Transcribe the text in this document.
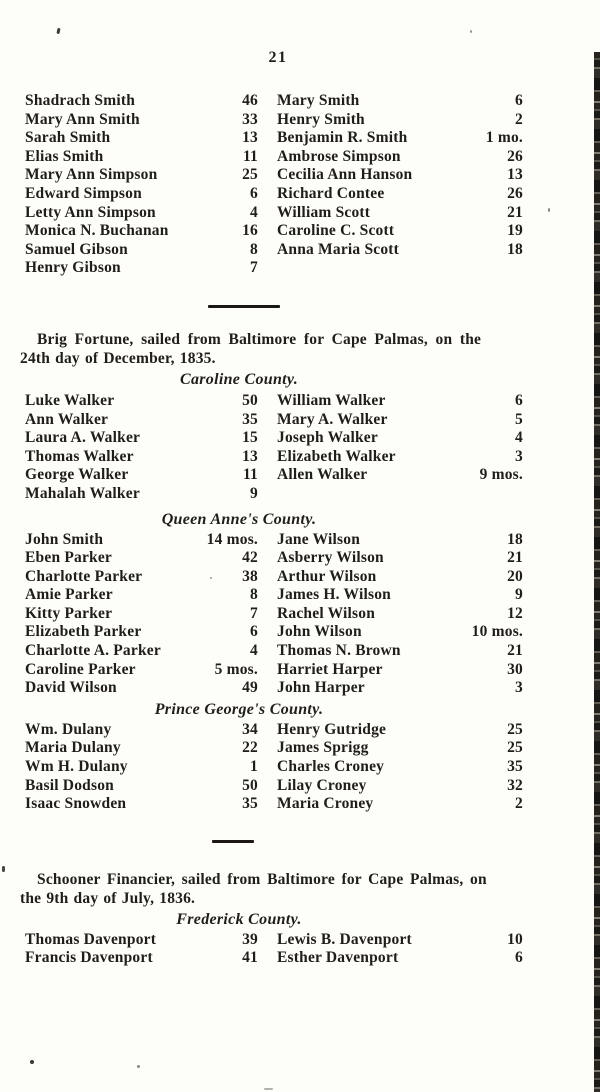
21
Shadrach Smith	46	Mary Smith	6
Mary Ann Smith	33	Henry Smith	2
Sarah Smith	13	Benjamin R. Smith	1 mo.
Elias Smith	11	Ambrose Simpson	26
Mary Ann Simpson	25	Cecilia Ann Hanson	13
Edward Simpson	6	Richard Contee	26
Letty Ann Simpson	4	William Scott	21
Monica N. Buchanan	16	Caroline C. Scott	19
Samuel Gibson	8	Anna Maria Scott	18
Henry Gibson	7

Brig Fortune, sailed from Baltimore for Cape Palmas, on the
24th day of December, 1835.

Caroline County.
Luke Walker	50	William Walker	6
Ann Walker	35	Mary A. Walker	5
Laura A. Walker	15	Joseph Walker	4
Thomas Walker	13	Elizabeth Walker	3
George Walker	11	Allen Walker	9 mos.
Mahalah Walker	9
Queen Anne's County.
John Smith	14 mos.	Jane Wilson	18
Eben Parker	42	Asberry Wilson	21
Charlotte Parker	38	Arthur Wilson	20
Amie Parker	8	James H. Wilson	9
Kitty Parker	7	Rachel Wilson	12
Elizabeth Parker	6	John Wilson	10 mos.
Charlotte A. Parker	4	Thomas N. Brown	21
Caroline Parker	5 mos.	Harriet Harper	30
David Wilson	49	John Harper	3
Prince George's County.
Wm. Dulany	34	Henry Gutridge	25
Maria Dulany	22	James Sprigg	25
Wm H. Dulany	1	Charles Croney	35
Basil Dodson	50	Lilay Croney	32
Isaac Snowden	35	Maria Croney	2

Schooner Financier, sailed from Baltimore for Cape Palmas, on
the 9th day of July, 1836.

Frederick County.
Thomas Davenport	39	Lewis B. Davenport	10
Francis Davenport	41	Esther Davenport	6
